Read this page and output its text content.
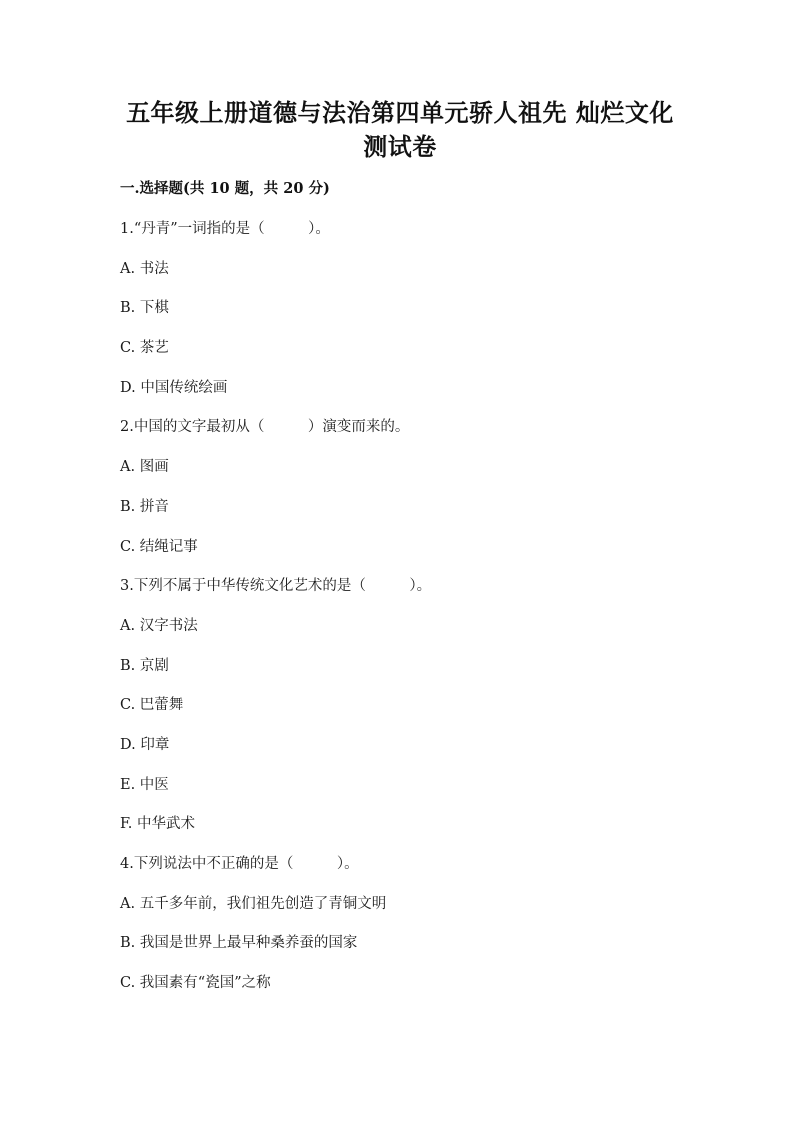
五年级上册道德与法治第四单元骄人祖先 灿烂文化
测试卷
一.选择题(共 10 题，共 20 分)
1.“丹青”一词指的是（　　　）。
A. 书法
B. 下棋
C. 茶艺
D. 中国传统绘画
2.中国的文字最初从（　　　）演变而来的。
A. 图画
B. 拼音
C. 结绳记事
3.下列不属于中华传统文化艺术的是（　　　）。
A. 汉字书法
B. 京剧
C. 巴蕾舞
D. 印章
E. 中医
F. 中华武术
4.下列说法中不正确的是（　　　）。
A. 五千多年前，我们祖先创造了青铜文明
B. 我国是世界上最早种桑养蚕的国家
C. 我国素有“瓷国”之称
